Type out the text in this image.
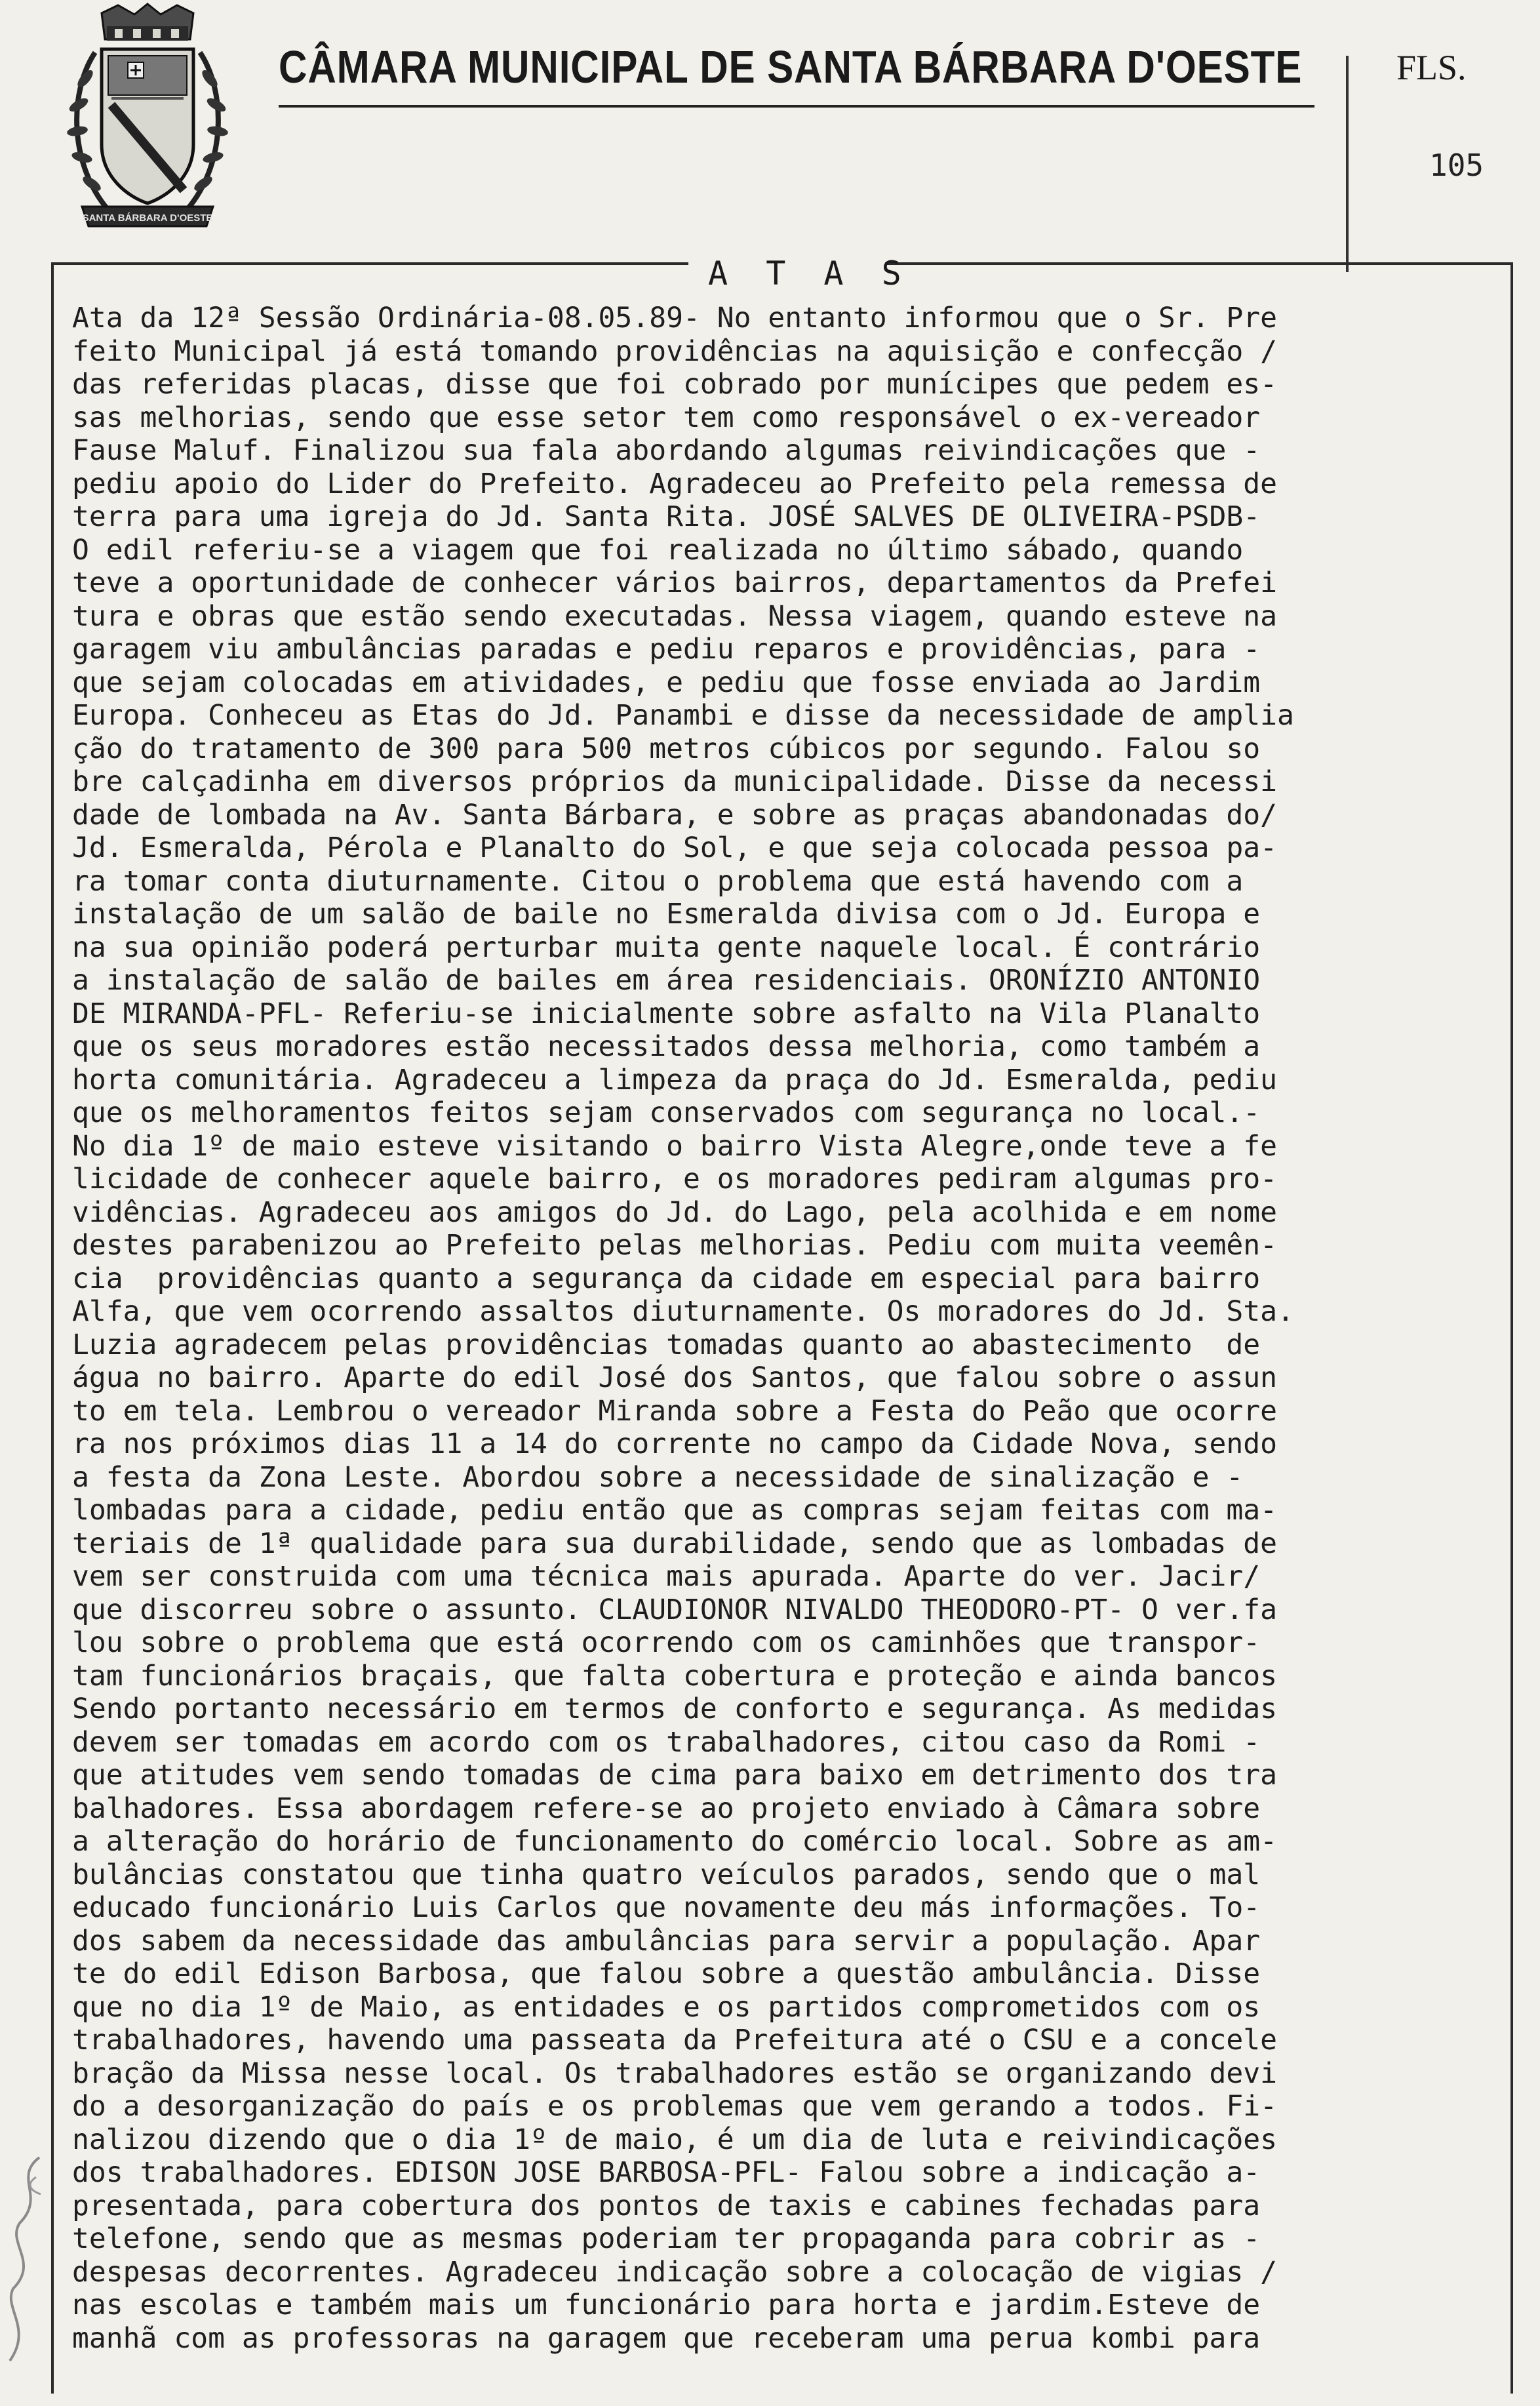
SANTA BÁRBARA D'OESTE
CÂMARA MUNICIPAL DE SANTA BÁRBARA D'OESTE	FLS.
105
A T A S
Ata da 12ª Sessão Ordinária-08.05.89- No entanto informou que o Sr. Pre
feito Municipal já está tomando providências na aquisição e confecção /
das referidas placas, disse que foi cobrado por munícipes que pedem es-
sas melhorias, sendo que esse setor tem como responsável o ex-vereador
Fause Maluf. Finalizou sua fala abordando algumas reivindicações que -
pediu apoio do Lider do Prefeito. Agradeceu ao Prefeito pela remessa de
terra para uma igreja do Jd. Santa Rita. JOSÉ SALVES DE OLIVEIRA-PSDB-
O edil referiu-se a viagem que foi realizada no último sábado, quando
teve a oportunidade de conhecer vários bairros, departamentos da Prefei
tura e obras que estão sendo executadas. Nessa viagem, quando esteve na
garagem viu ambulâncias paradas e pediu reparos e providências, para -
que sejam colocadas em atividades, e pediu que fosse enviada ao Jardim
Europa. Conheceu as Etas do Jd. Panambi e disse da necessidade de amplia
ção do tratamento de 300 para 500 metros cúbicos por segundo. Falou so
bre calçadinha em diversos próprios da municipalidade. Disse da necessi
dade de lombada na Av. Santa Bárbara, e sobre as praças abandonadas do/
Jd. Esmeralda, Pérola e Planalto do Sol, e que seja colocada pessoa pa-
ra tomar conta diuturnamente. Citou o problema que está havendo com a
instalação de um salão de baile no Esmeralda divisa com o Jd. Europa e
na sua opinião poderá perturbar muita gente naquele local. É contrário
a instalação de salão de bailes em área residenciais. ORONÍZIO ANTONIO
DE MIRANDA-PFL- Referiu-se inicialmente sobre asfalto na Vila Planalto
que os seus moradores estão necessitados dessa melhoria, como também a
horta comunitária. Agradeceu a limpeza da praça do Jd. Esmeralda, pediu
que os melhoramentos feitos sejam conservados com segurança no local.-
No dia 1º de maio esteve visitando o bairro Vista Alegre,onde teve a fe
licidade de conhecer aquele bairro, e os moradores pediram algumas pro-
vidências. Agradeceu aos amigos do Jd. do Lago, pela acolhida e em nome
destes parabenizou ao Prefeito pelas melhorias. Pediu com muita veemên-
cia  providências quanto a segurança da cidade em especial para bairro
Alfa, que vem ocorrendo assaltos diuturnamente. Os moradores do Jd. Sta.
Luzia agradecem pelas providências tomadas quanto ao abastecimento  de
água no bairro. Aparte do edil José dos Santos, que falou sobre o assun
to em tela. Lembrou o vereador Miranda sobre a Festa do Peão que ocorre
ra nos próximos dias 11 a 14 do corrente no campo da Cidade Nova, sendo
a festa da Zona Leste. Abordou sobre a necessidade de sinalização e -
lombadas para a cidade, pediu então que as compras sejam feitas com ma-
teriais de 1ª qualidade para sua durabilidade, sendo que as lombadas de
vem ser construida com uma técnica mais apurada. Aparte do ver. Jacir/
que discorreu sobre o assunto. CLAUDIONOR NIVALDO THEODORO-PT- O ver.fa
lou sobre o problema que está ocorrendo com os caminhões que transpor-
tam funcionários braçais, que falta cobertura e proteção e ainda bancos
Sendo portanto necessário em termos de conforto e segurança. As medidas
devem ser tomadas em acordo com os trabalhadores, citou caso da Romi -
que atitudes vem sendo tomadas de cima para baixo em detrimento dos tra
balhadores. Essa abordagem refere-se ao projeto enviado à Câmara sobre
a alteração do horário de funcionamento do comércio local. Sobre as am-
bulâncias constatou que tinha quatro veículos parados, sendo que o mal
educado funcionário Luis Carlos que novamente deu más informações. To-
dos sabem da necessidade das ambulâncias para servir a população. Apar
te do edil Edison Barbosa, que falou sobre a questão ambulância. Disse
que no dia 1º de Maio, as entidades e os partidos comprometidos com os
trabalhadores, havendo uma passeata da Prefeitura até o CSU e a concele
bração da Missa nesse local. Os trabalhadores estão se organizando devi
do a desorganização do país e os problemas que vem gerando a todos. Fi-
nalizou dizendo que o dia 1º de maio, é um dia de luta e reivindicações
dos trabalhadores. EDISON JOSE BARBOSA-PFL- Falou sobre a indicação a-
presentada, para cobertura dos pontos de taxis e cabines fechadas para
telefone, sendo que as mesmas poderiam ter propaganda para cobrir as -
despesas decorrentes. Agradeceu indicação sobre a colocação de vigias /
nas escolas e também mais um funcionário para horta e jardim.Esteve de
manhã com as professoras na garagem que receberam uma perua kombi para
